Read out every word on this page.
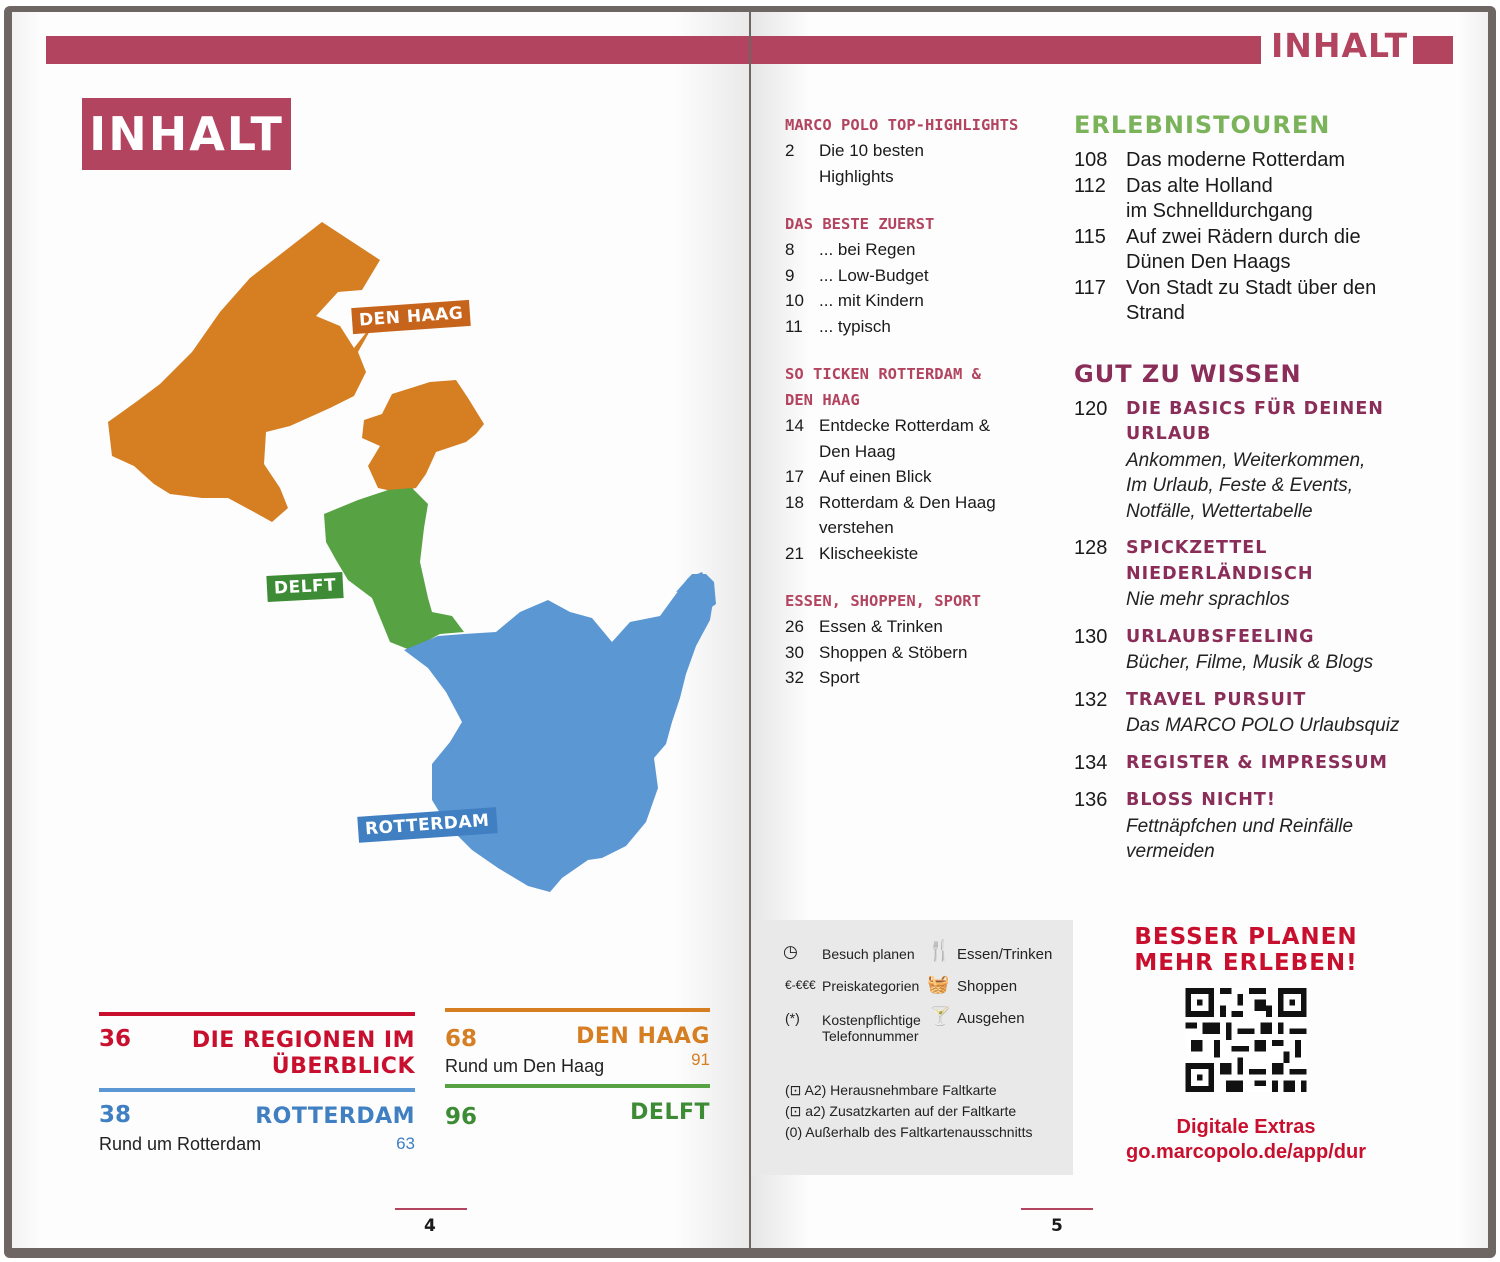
INHALT
DEN HAAG
DELFT
ROTTERDAM
36	DIE REGIONEN IM
ÜBERBLICK
68	DEN HAAG
Rund um Den Haag	91
38	ROTTERDAM
Rund um Rotterdam	63
96	DELFT
4
INHALT
MARCO POLO TOP-HIGHLIGHTS
2	Die 10 besten
Highlights
DAS BESTE ZUERST
8	... bei Regen
9	... Low-Budget
10 ... mit Kindern
11 ... typisch
SO TICKEN ROTTERDAM &
DEN HAAG
14 Entdecke Rotterdam &
Den Haag
17 Auf einen Blick
18 Rotterdam & Den Haag
verstehen
21 Klischeekiste
ESSEN, SHOPPEN, SPORT
26 Essen & Trinken
30 Shoppen & Stöbern
32 Sport
ERLEBNISTOUREN
108 Das moderne Rotterdam
112	Das alte Holland
im Schnelldurchgang
115	Auf zwei Rädern durch die
Dünen Den Haags
117	Von Stadt zu Stadt über den
Strand
GUT ZU WISSEN
120	DIE BASICS FÜR DEINEN
URLAUB
Ankommen, Weiterkommen,
Im Urlaub, Feste & Events,
Notfälle, Wettertabelle
128	SPICKZETTEL
NIEDERLÄNDISCH
Nie mehr sprachlos
130	URLAUBSFEELING
Bücher, Filme, Musik & Blogs
132	TRAVEL PURSUIT
Das MARCO POLO Urlaubsquiz
134	REGISTER & IMPRESSUM
136	BLOSS NICHT!
Fettnäpfchen und Reinfälle
vermeiden
◷ Besuch planen
€-€€€ Preiskategorien
(*) Kostenpflichtige
Telefonnummer
🍴 Essen/Trinken
🧺 Shoppen
🍸 Ausgehen
(⊡ A2) Herausnehmbare Faltkarte
(⊡ a2) Zusatzkarten auf der Faltkarte
(0) Außerhalb des Faltkartenausschnitts
BESSER PLANEN
MEHR ERLEBEN!
Digitale Extras
go.marcopolo.de/app/dur
5
